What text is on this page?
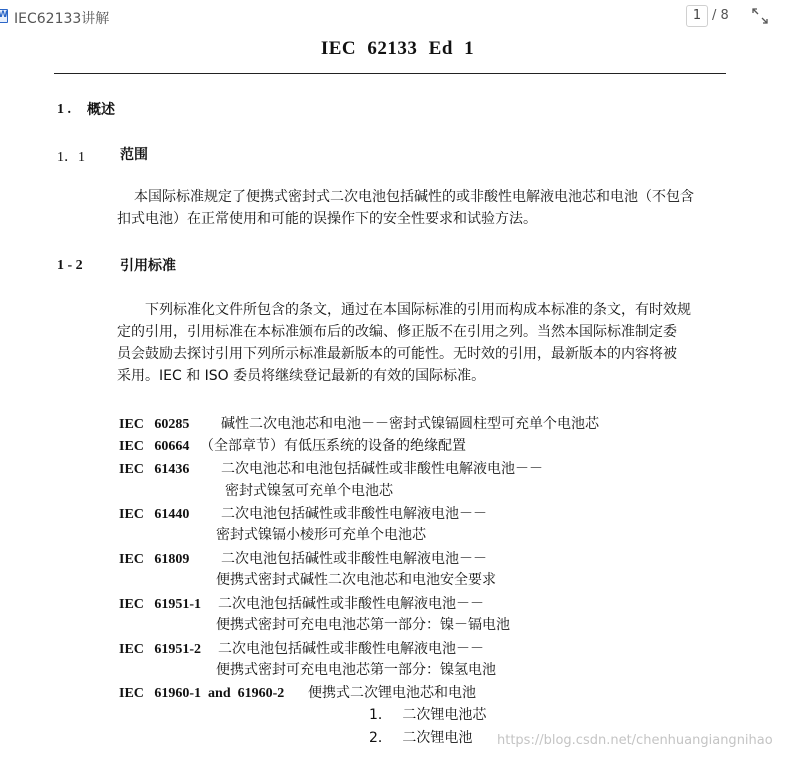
W
IEC62133讲解	1 / 8
IEC 62133 Ed 1
1 . 概述
1．1	范围
本国际标准规定了便携式密封式二次电池包括碱性的或非酸性电解液电池芯和电池（不包含
扣式电池）在正常使用和可能的误操作下的安全性要求和试验方法。
1 - 2	引用标准
下列标准化文件所包含的条文，通过在本国际标准的引用而构成本标准的条文，有时效规
定的引用，引用标准在本标准颁布后的改编、修正版不在引用之列。当然本国际标准制定委
员会鼓励去探讨引用下列所示标准最新版本的可能性。无时效的引用，最新版本的内容将被
采用。IEC 和 ISO 委员将继续登记最新的有效的国际标准。
IEC   60285 碱性二次电池芯和电池－－密封式镍镉圆柱型可充单个电池芯
IEC   60664 （全部章节）有低压系统的设备的绝缘配置
IEC   61436 二次电池芯和电池包括碱性或非酸性电解液电池－－
密封式镍氢可充单个电池芯
IEC   61440 二次电池包括碱性或非酸性电解液电池－－
密封式镍镉小棱形可充单个电池芯
IEC   61809 二次电池包括碱性或非酸性电解液电池－－
便携式密封式碱性二次电池芯和电池安全要求
IEC   61951-1 二次电池包括碱性或非酸性电解液电池－－
便携式密封可充电电池芯第一部分：镍－镉电池
IEC   61951-2 二次电池包括碱性或非酸性电解液电池－－
便携式密封可充电电池芯第一部分：镍氢电池
IEC   61960-1  and  61960-2 便携式二次锂电池芯和电池
1． 二次锂电池芯
2． 二次锂电池 https://blog.csdn.net/chenhuangiangnihao
